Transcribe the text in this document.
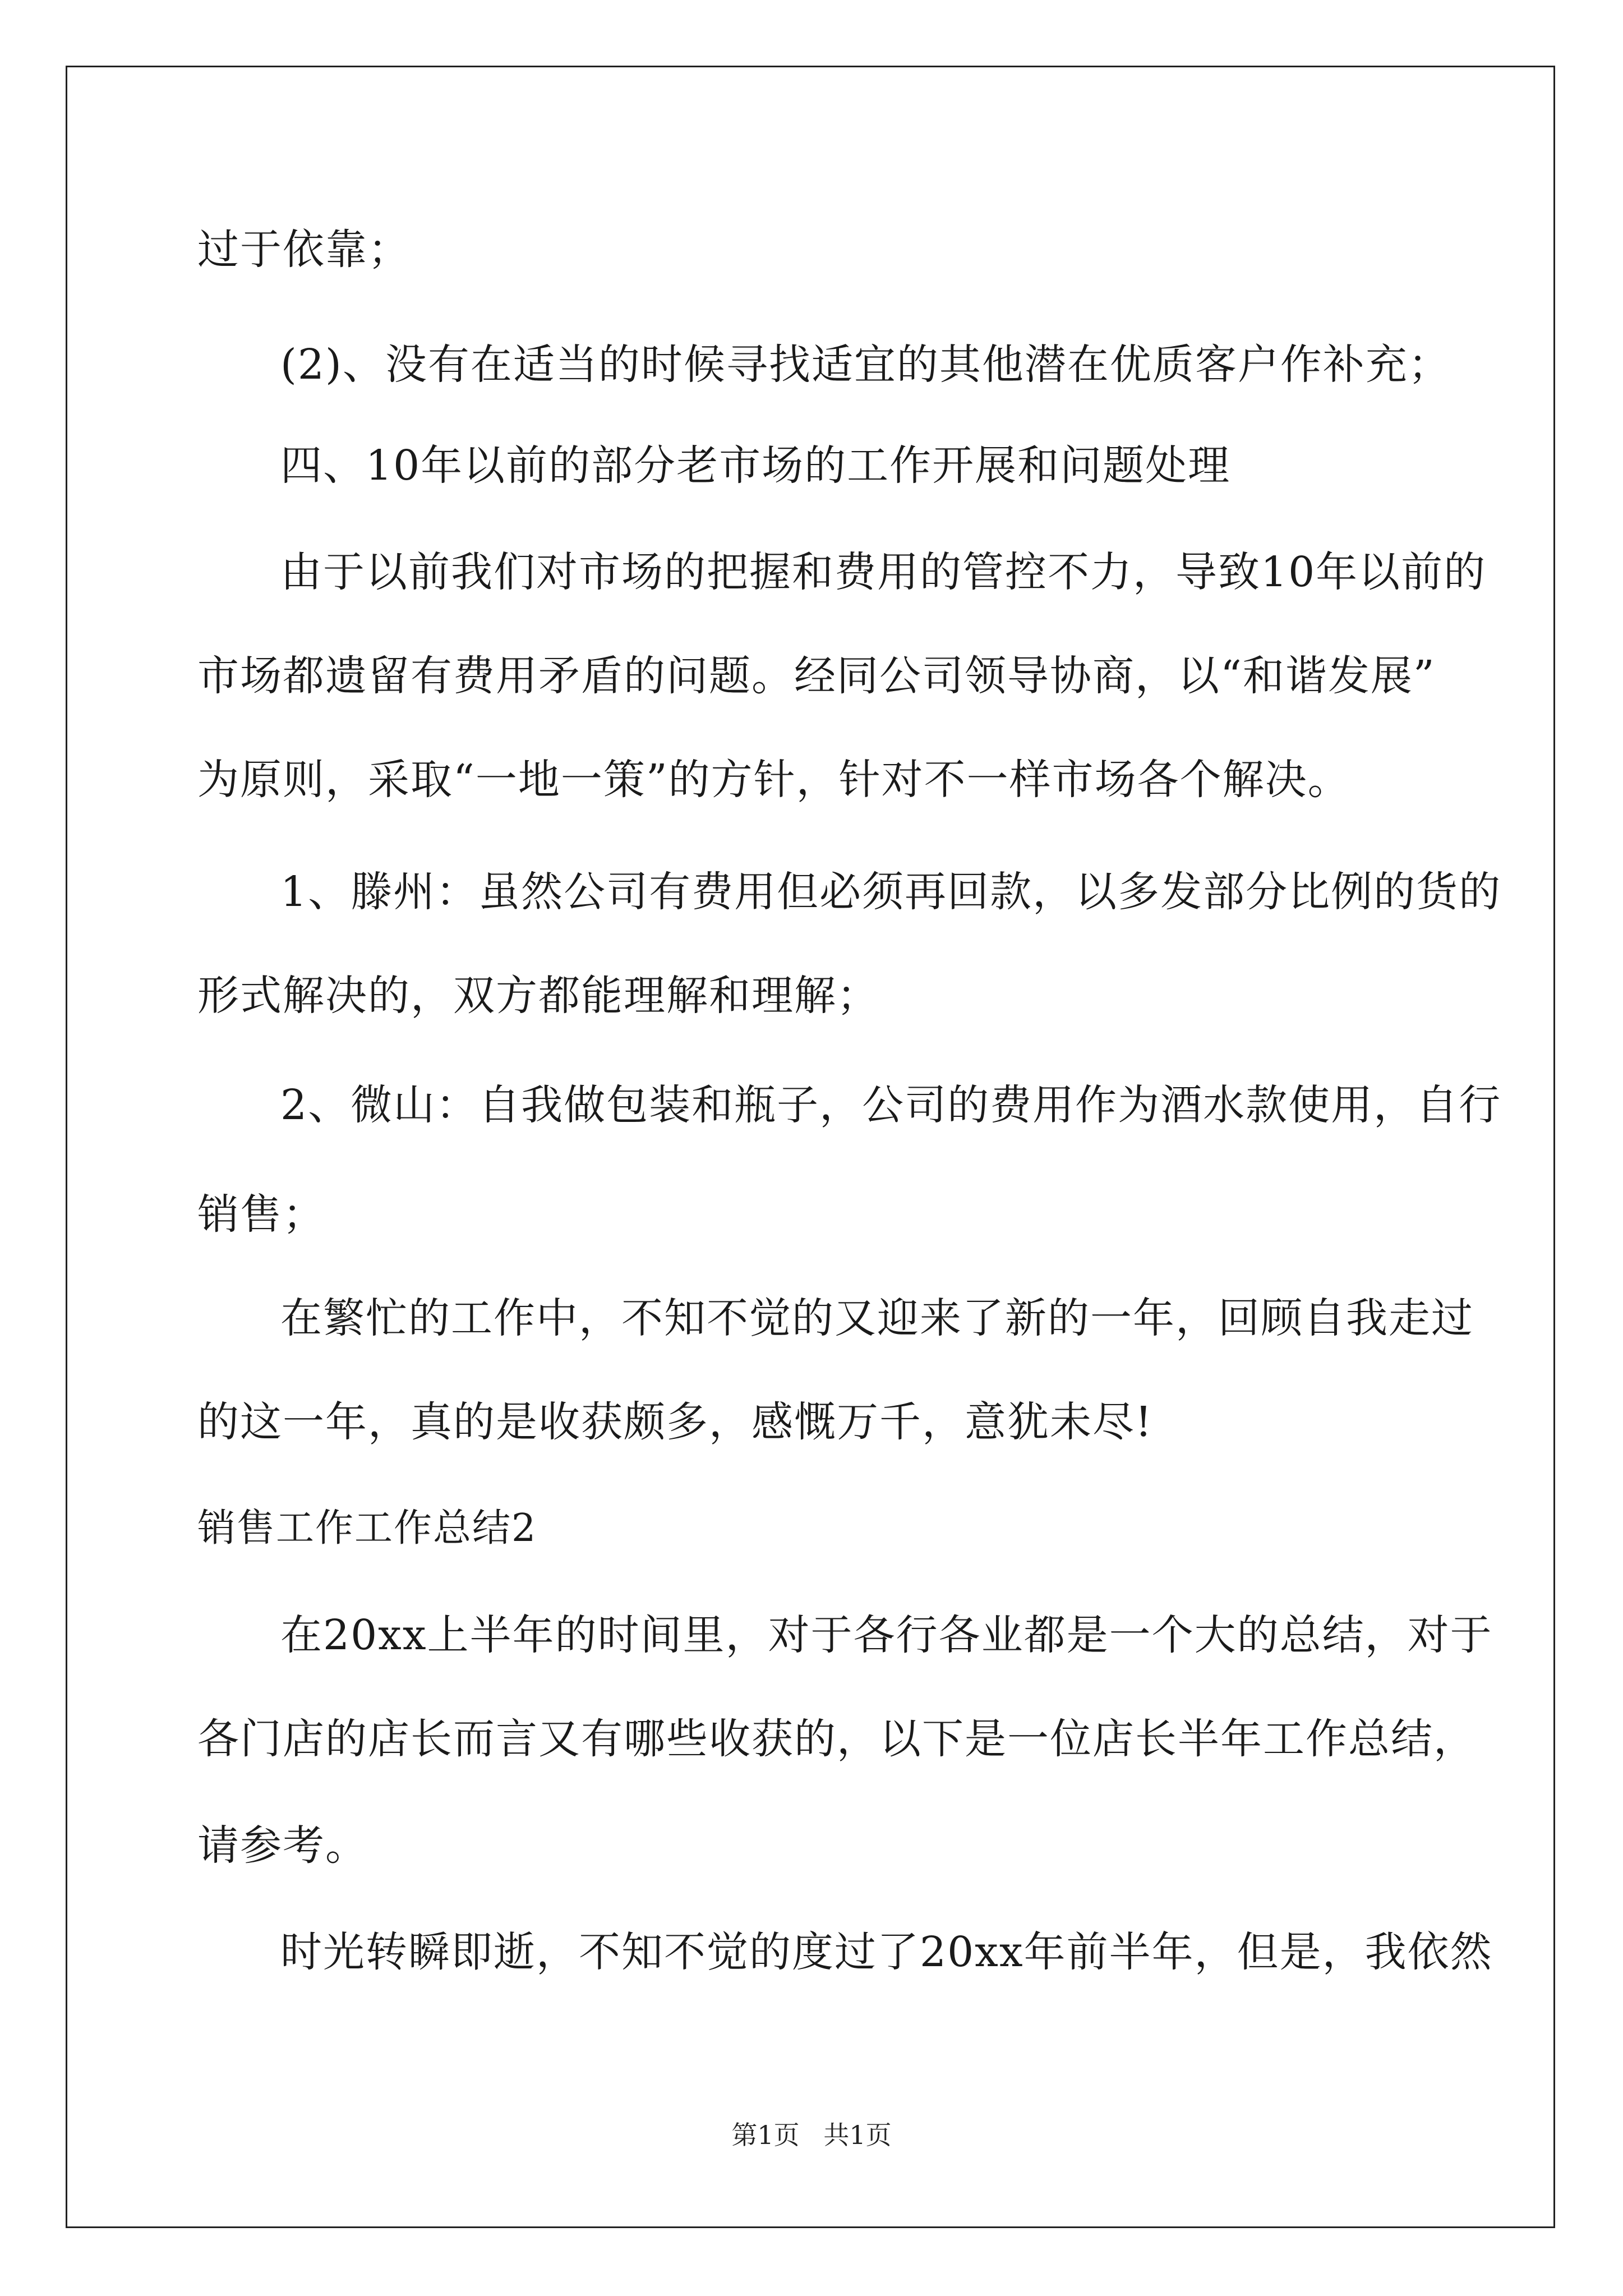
过于依靠；
(2)、没有在适当的时候寻找适宜的其他潜在优质客户作补充；
四、10年以前的部分老市场的工作开展和问题处理
由于以前我们对市场的把握和费用的管控不力，导致10年以前的
市场都遗留有费用矛盾的问题。经同公司领导协商，以“和谐发展”
为原则，采取“一地一策”的方针，针对不一样市场各个解决。
1、滕州：虽然公司有费用但必须再回款，以多发部分比例的货的
形式解决的，双方都能理解和理解；
2、微山：自我做包装和瓶子，公司的费用作为酒水款使用，自行
销售；
在繁忙的工作中，不知不觉的又迎来了新的一年，回顾自我走过
的这一年，真的是收获颇多，感慨万千，意犹未尽!
销售工作工作总结2
在20xx上半年的时间里，对于各行各业都是一个大的总结，对于
各门店的店长而言又有哪些收获的，以下是一位店长半年工作总结，
请参考。
时光转瞬即逝，不知不觉的度过了20xx年前半年，但是，我依然
第1页 共1页
